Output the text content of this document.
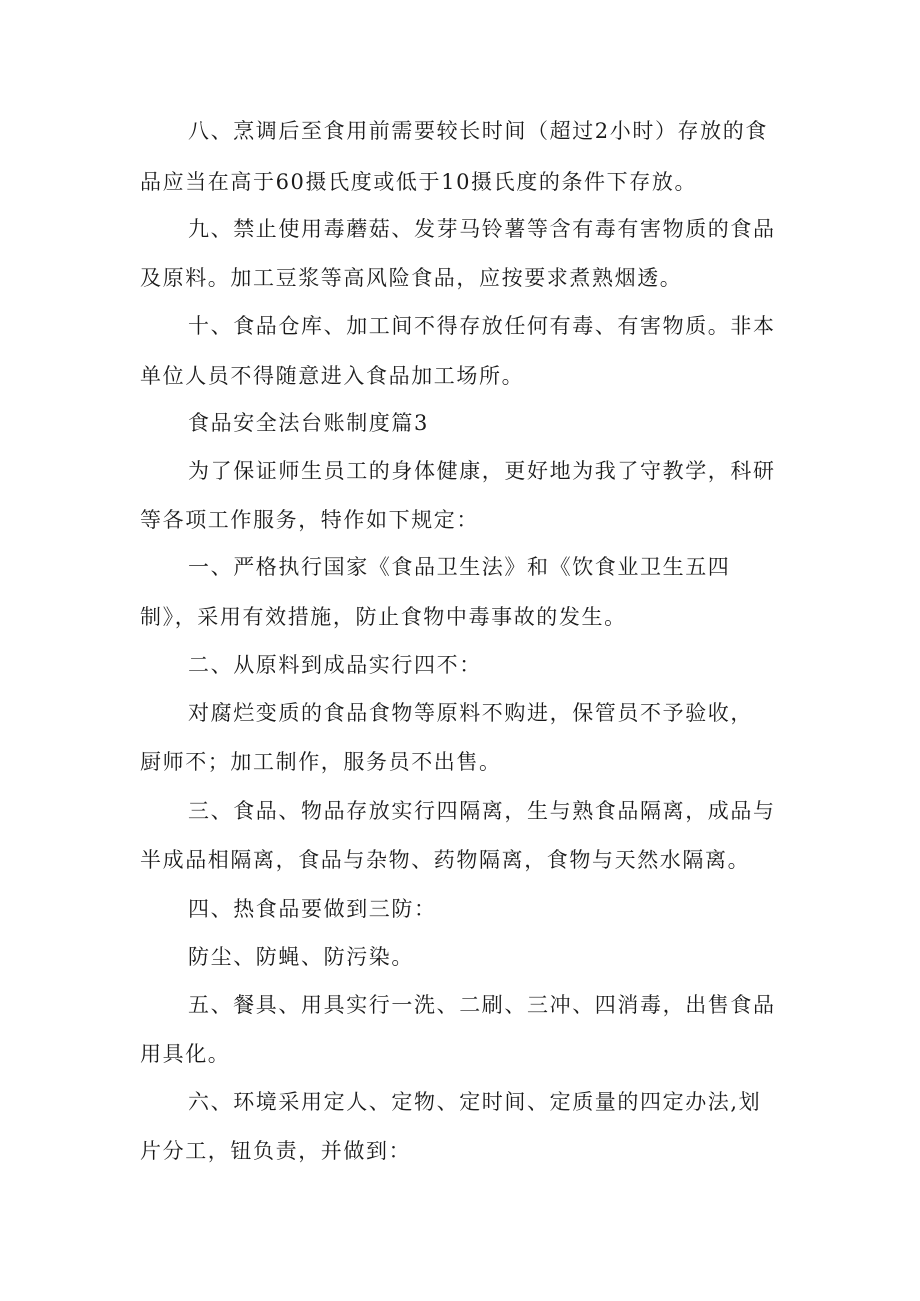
八、烹调后至食用前需要较长时间（超过2小时）存放的食
品应当在高于60摄氏度或低于10摄氏度的条件下存放。
九、禁止使用毒蘑菇、发芽马铃薯等含有毒有害物质的食品
及原料。加工豆浆等高风险食品，应按要求煮熟烟透。
十、食品仓库、加工间不得存放任何有毒、有害物质。非本
单位人员不得随意进入食品加工场所。
食品安全法台账制度篇3
为了保证师生员工的身体健康，更好地为我了守教学，科研
等各项工作服务，特作如下规定：
一、严格执行国家《食品卫生法》和《饮食业卫生五四
制》，采用有效措施，防止食物中毒事故的发生。
二、从原料到成品实行四不：
对腐烂变质的食品食物等原料不购进，保管员不予验收，
厨师不；加工制作，服务员不出售。
三、食品、物品存放实行四隔离，生与熟食品隔离，成品与
半成品相隔离，食品与杂物、药物隔离，食物与天然水隔离。
四、热食品要做到三防：
防尘、防蝇、防污染。
五、餐具、用具实行一洗、二刷、三冲、四消毒，出售食品
用具化。
六、环境采用定人、定物、定时间、定质量的四定办法,划
片分工，钮负责，并做到：
